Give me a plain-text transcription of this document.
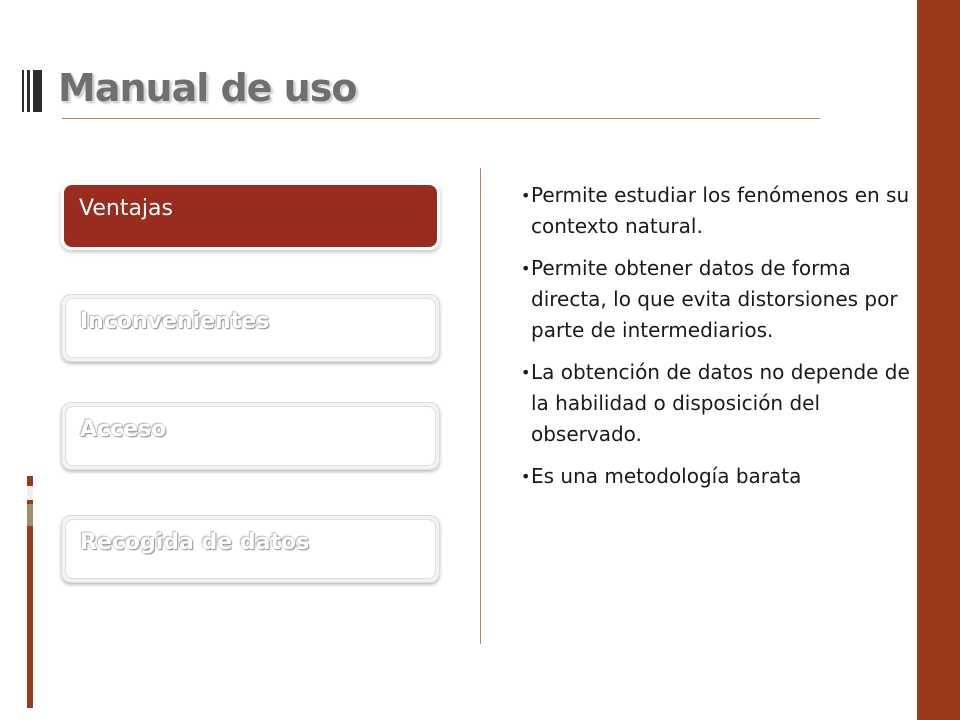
Manual de uso
Ventajas
Inconvenientes
Acceso
Recogida de datos
• Permite estudiar los fenómenos en su contexto natural.
• Permite obtener datos de forma directa, lo que evita distorsiones por parte de intermediarios.
• La obtención de datos no depende de la habilidad o disposición del observado.
• Es una metodología barata
